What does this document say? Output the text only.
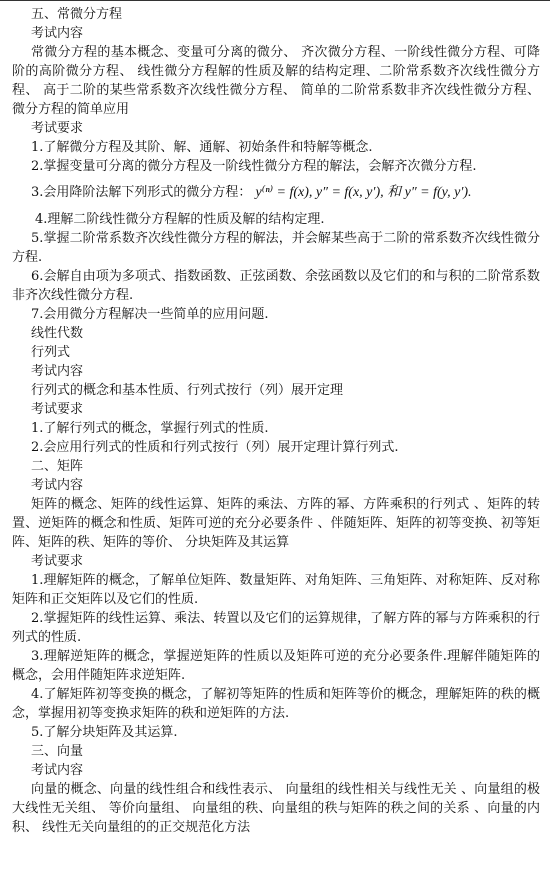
五、常微分方程

考试内容

常微分方程的基本概念、变量可分离的微分、 齐次微分方程、一阶线性微分方程、可降阶的高阶微分方程、 线性微分方程解的性质及解的结构定理、二阶常系数齐次线性微分方程、 高于二阶的某些常系数齐次线性微分方程、 简单的二阶常系数非齐次线性微分方程、 微分方程的简单应用

考试要求

1.了解微分方程及其阶、解、通解、初始条件和特解等概念.

2.掌握变量可分离的微分方程及一阶线性微分方程的解法，会解齐次微分方程.

3.会用降阶法解下列形式的微分方程： y⁽ⁿ⁾ = f(x), y″ = f(x, y′), 和 y″ = f(y, y′).

4.理解二阶线性微分方程解的性质及解的结构定理.

5.掌握二阶常系数齐次线性微分方程的解法，并会解某些高于二阶的常系数齐次线性微分方程.

6.会解自由项为多项式、指数函数、正弦函数、余弦函数以及它们的和与积的二阶常系数非齐次线性微分方程.

7.会用微分方程解决一些简单的应用问题.

线性代数

行列式

考试内容

行列式的概念和基本性质、行列式按行（列）展开定理

考试要求

1.了解行列式的概念，掌握行列式的性质.

2.会应用行列式的性质和行列式按行（列）展开定理计算行列式.

二、矩阵

考试内容

矩阵的概念、矩阵的线性运算、矩阵的乘法、方阵的幂、方阵乘积的行列式 、矩阵的转置、逆矩阵的概念和性质、矩阵可逆的充分必要条件 、伴随矩阵、矩阵的初等变换、初等矩阵、矩阵的秩、矩阵的等价、 分块矩阵及其运算

考试要求

1.理解矩阵的概念，了解单位矩阵、数量矩阵、对角矩阵、三角矩阵、对称矩阵、反对称矩阵和正交矩阵以及它们的性质.

2.掌握矩阵的线性运算、乘法、转置以及它们的运算规律，了解方阵的幂与方阵乘积的行列式的性质.

3.理解逆矩阵的概念，掌握逆矩阵的性质以及矩阵可逆的充分必要条件.理解伴随矩阵的概念，会用伴随矩阵求逆矩阵.

4.了解矩阵初等变换的概念，了解初等矩阵的性质和矩阵等价的概念，理解矩阵的秩的概念，掌握用初等变换求矩阵的秩和逆矩阵的方法.

5.了解分块矩阵及其运算.

三、向量

考试内容

向量的概念、向量的线性组合和线性表示、 向量组的线性相关与线性无关 、向量组的极大线性无关组、 等价向量组、 向量组的秩、向量组的秩与矩阵的秩之间的关系 、向量的内积、 线性无关向量组的的正交规范化方法
